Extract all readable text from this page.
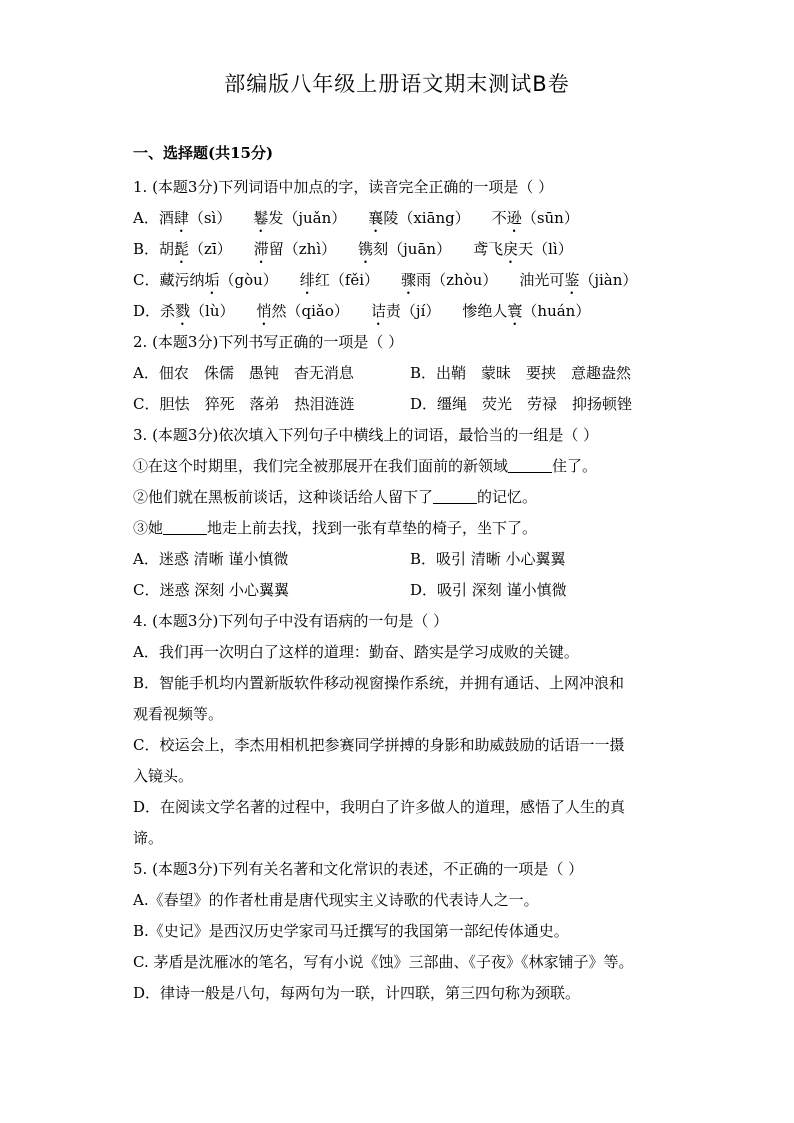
部编版八年级上册语文期末测试B卷
一、选择题(共15分)
1. (本题3分)下列词语中加点的字，读音完全正确的一项是（ ）
A．酒肆（sì） 鬈发（juǎn） 襄陵（xiāng） 不逊（sūn）
B．胡髭（zī） 滞留（zhì） 镌刻（juān） 鸢飞戾天（lì）
C．藏污纳垢（gòu） 绯红（fěi） 骤雨（zhòu） 油光可鉴（jiàn）
D．杀戮（lù） 悄然（qiǎo） 诘责（jí） 惨绝人寰（huán）
2. (本题3分)下列书写正确的一项是（ ）
A．佃农　侏儒　愚钝　杳无消息	B．出鞘　蒙昧　要挟　意趣盎然
C．胆怯　猝死　落弟　热泪涟涟	D．缰绳　荧光　劳禄　抑扬顿锉
3. (本题3分)依次填入下列句子中横线上的词语，最恰当的一组是（ ）
①在这个时期里，我们完全被那展开在我们面前的新领域	住了。
②他们就在黑板前谈话，这种谈话给人留下了	的记忆。
③她	地走上前去找，找到一张有草垫的椅子，坐下了。
A．迷惑 清晰 谨小慎微	B．吸引 清晰 小心翼翼
C．迷惑 深刻 小心翼翼	D．吸引 深刻 谨小慎微
4. (本题3分)下列句子中没有语病的一句是（ ）
A．我们再一次明白了这样的道理：勤奋、踏实是学习成败的关键。
B．智能手机均内置新版软件移动视窗操作系统，并拥有通话、上网冲浪和
观看视频等。
C．校运会上，李杰用相机把参赛同学拼搏的身影和助威鼓励的话语一一摄
入镜头。
D．在阅读文学名著的过程中，我明白了许多做人的道理，感悟了人生的真
谛。
5. (本题3分)下列有关名著和文化常识的表述，不正确的一项是（ ）
A.《春望》的作者杜甫是唐代现实主义诗歌的代表诗人之一。
B.《史记》是西汉历史学家司马迁撰写的我国第一部纪传体通史。
C. 茅盾是沈雁冰的笔名，写有小说《蚀》三部曲、《子夜》《林家铺子》等。
D．律诗一般是八句，每两句为一联，计四联，第三四句称为颈联。
